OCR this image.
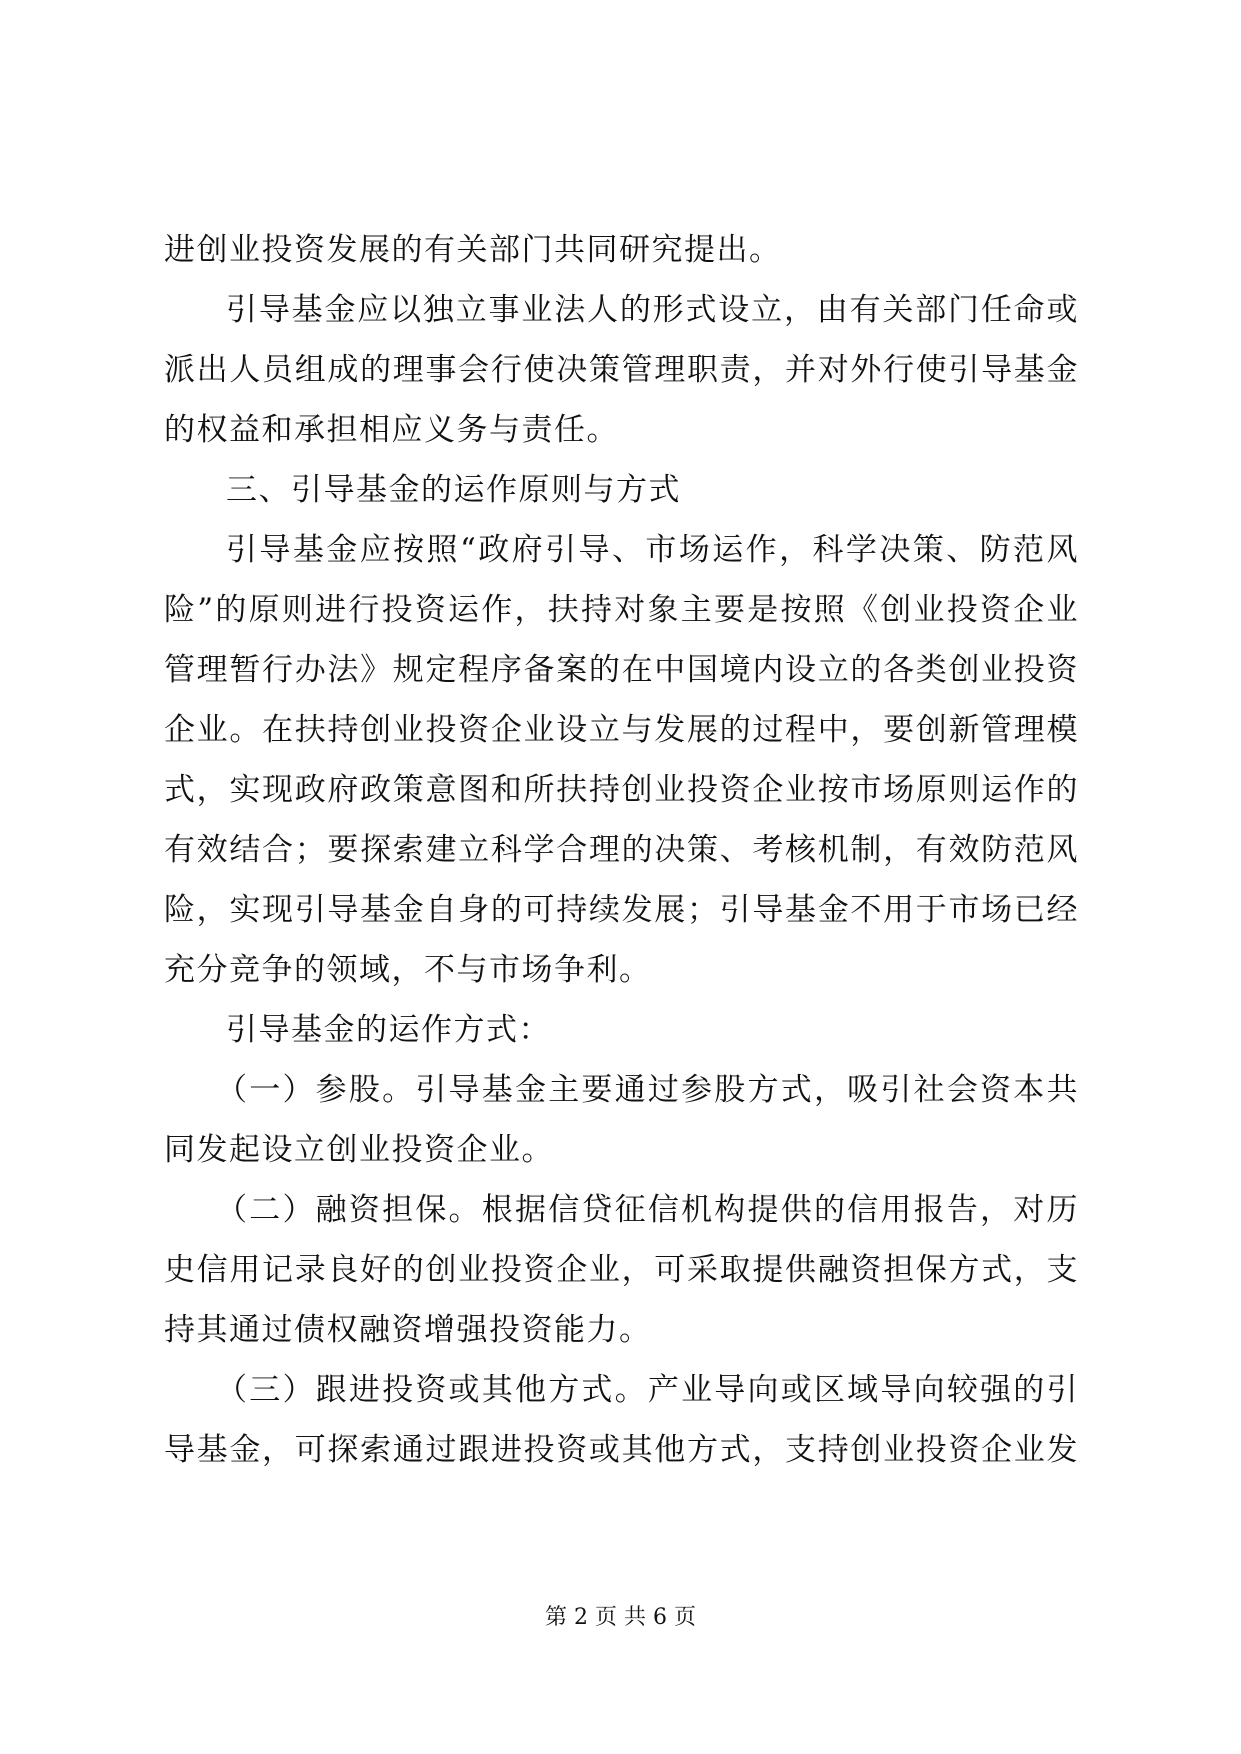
进创业投资发展的有关部门共同研究提出。
引导基金应以独立事业法人的形式设立，由有关部门任命或
派出人员组成的理事会行使决策管理职责，并对外行使引导基金
的权益和承担相应义务与责任。
三、引导基金的运作原则与方式
引导基金应按照“政府引导、市场运作，科学决策、防范风
险”的原则进行投资运作，扶持对象主要是按照《创业投资企业
管理暂行办法》规定程序备案的在中国境内设立的各类创业投资
企业。在扶持创业投资企业设立与发展的过程中，要创新管理模
式，实现政府政策意图和所扶持创业投资企业按市场原则运作的
有效结合；要探索建立科学合理的决策、考核机制，有效防范风
险，实现引导基金自身的可持续发展；引导基金不用于市场已经
充分竞争的领域，不与市场争利。
引导基金的运作方式：
（一）参股。引导基金主要通过参股方式，吸引社会资本共
同发起设立创业投资企业。
（二）融资担保。根据信贷征信机构提供的信用报告，对历
史信用记录良好的创业投资企业，可采取提供融资担保方式，支
持其通过债权融资增强投资能力。
（三）跟进投资或其他方式。产业导向或区域导向较强的引
导基金，可探索通过跟进投资或其他方式，支持创业投资企业发
第 2 页 共 6 页
